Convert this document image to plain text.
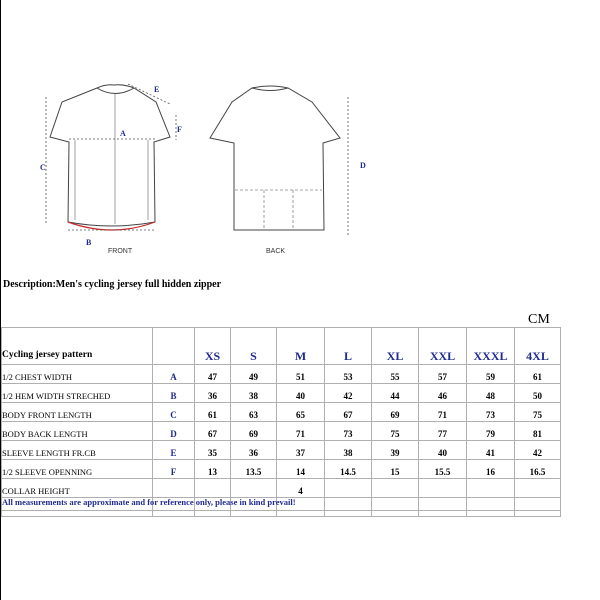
A
B
C	D
E
F
FRONT	BACK
Description:Men's cycling jersey full hidden zipper
CM
Cycling jersey pattern		XS	S	M	L	XL	XXL	XXXL	4XL
1/2 CHEST WIDTH	A	47	49	51	53	55	57	59	61
1/2 HEM WIDTH STRECHED	B	36	38	40	42	44	46	48	50
BODY FRONT LENGTH	C	61	63	65	67	69	71	73	75
BODY BACK LENGTH	D	67	69	71	73	75	77	79	81
SLEEVE LENGTH FR.CB	E	35	36	37	38	39	40	41	42
1/2 SLEEVE OPENNING	F	13	13.5	14	14.5	15	15.5	16	16.5
COLLAR HEIGHT				4					

All measurements are approximate and for reference only, please in kind prevail!
